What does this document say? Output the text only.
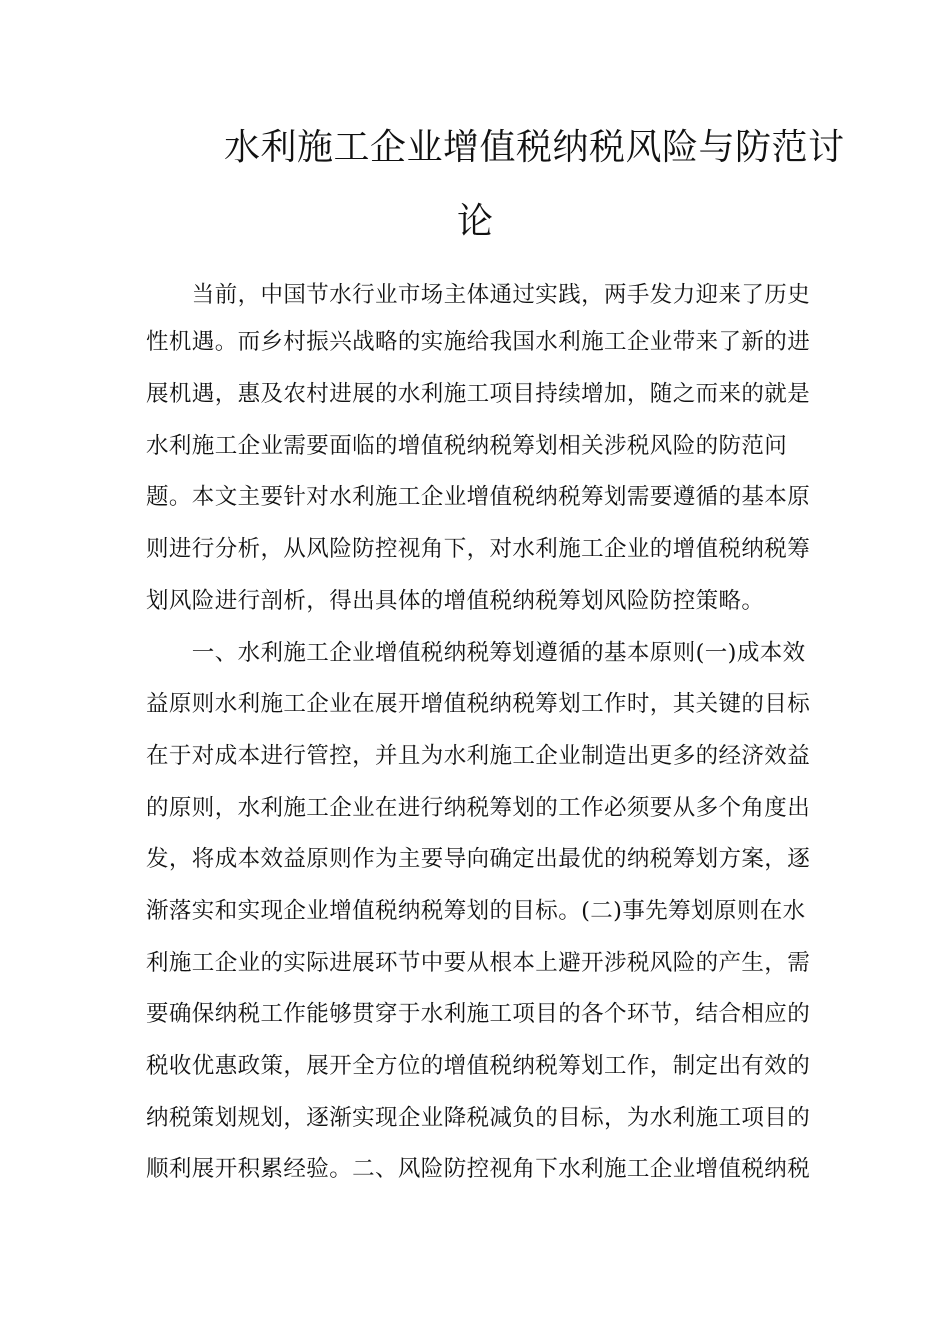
水利施工企业增值税纳税风险与防范讨
论
　　当前，中国节水行业市场主体通过实践，两手发力迎来了历史
性机遇。而乡村振兴战略的实施给我国水利施工企业带来了新的进
展机遇，惠及农村进展的水利施工项目持续增加，随之而来的就是
水利施工企业需要面临的增值税纳税筹划相关涉税风险的防范问
题。本文主要针对水利施工企业增值税纳税筹划需要遵循的基本原
则进行分析，从风险防控视角下，对水利施工企业的增值税纳税筹
划风险进行剖析，得出具体的增值税纳税筹划风险防控策略。
　　一、水利施工企业增值税纳税筹划遵循的基本原则(一)成本效
益原则水利施工企业在展开增值税纳税筹划工作时，其关键的目标
在于对成本进行管控，并且为水利施工企业制造出更多的经济效益
的原则，水利施工企业在进行纳税筹划的工作必须要从多个角度出
发，将成本效益原则作为主要导向确定出最优的纳税筹划方案，逐
渐落实和实现企业增值税纳税筹划的目标。(二)事先筹划原则在水
利施工企业的实际进展环节中要从根本上避开涉税风险的产生，需
要确保纳税工作能够贯穿于水利施工项目的各个环节，结合相应的
税收优惠政策，展开全方位的增值税纳税筹划工作，制定出有效的
纳税策划规划，逐渐实现企业降税减负的目标，为水利施工项目的
顺利展开积累经验。二、风险防控视角下水利施工企业增值税纳税
